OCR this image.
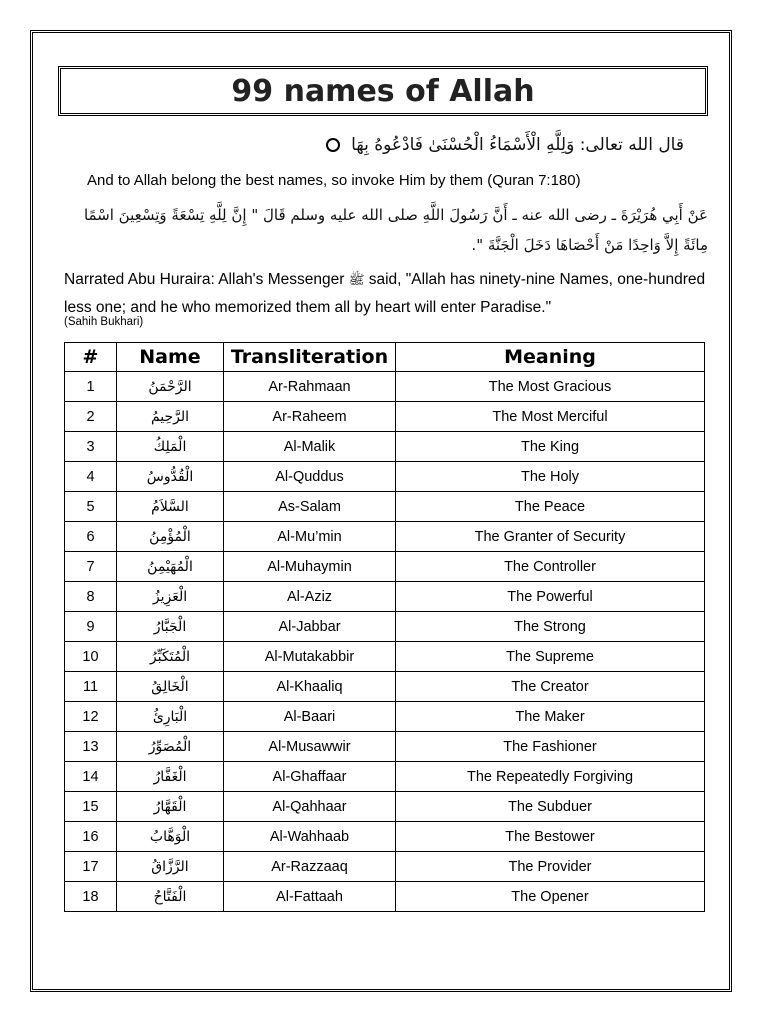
99 names of Allah
قال الله تعالى: وَلِلَّهِ الْأَسْمَاءُ الْحُسْنَىٰ فَادْعُوهُ بِهَا
And to Allah belong the best names, so invoke Him by them (Quran 7:180)
عَنْ أَبِي هُرَيْرَةَ ـ رضى الله عنه ـ أَنَّ رَسُولَ اللَّهِ صلى الله عليه وسلم قَالَ " إِنَّ لِلَّهِ تِسْعَةً وَتِسْعِينَ اسْمًا مِائَةً إِلاَّ وَاحِدًا مَنْ أَحْصَاهَا دَخَلَ الْجَنَّةَ ".
Narrated Abu Huraira: Allah's Messenger ﷺ said, "Allah has ninety-nine Names, one-hundred less one; and he who memorized them all by heart will enter Paradise."
(Sahih Bukhari)
#	Name	Transliteration	Meaning
1	الرَّحْمَنُ	Ar-Rahmaan	The Most Gracious
2	الرَّحِيمُ	Ar-Raheem	The Most Merciful
3	الْمَلِكُ	Al-Malik	The King
4	الْقُدُّوسُ	Al-Quddus	The Holy
5	السَّلاَمُ	As-Salam	The Peace
6	الْمُؤْمِنُ	Al-Mu’min	The Granter of Security
7	الْمُهَيْمِنُ	Al-Muhaymin	The Controller
8	الْعَزِيزُ	Al-Aziz	The Powerful
9	الْجَبَّارُ	Al-Jabbar	The Strong
10	الْمُتَكَبِّرُ	Al-Mutakabbir	The Supreme
11	الْخَالِقُ	Al-Khaaliq	The Creator
12	الْبَارِئُ	Al-Baari	The Maker
13	الْمُصَوِّرُ	Al-Musawwir	The Fashioner
14	الْغَفَّارُ	Al-Ghaffaar	The Repeatedly Forgiving
15	الْقَهَّارُ	Al-Qahhaar	The Subduer
16	الْوَهَّابُ	Al-Wahhaab	The Bestower
17	الرَّزَّاقُ	Ar-Razzaaq	The Provider
18	الْفَتَّاحُ	Al-Fattaah	The Opener
